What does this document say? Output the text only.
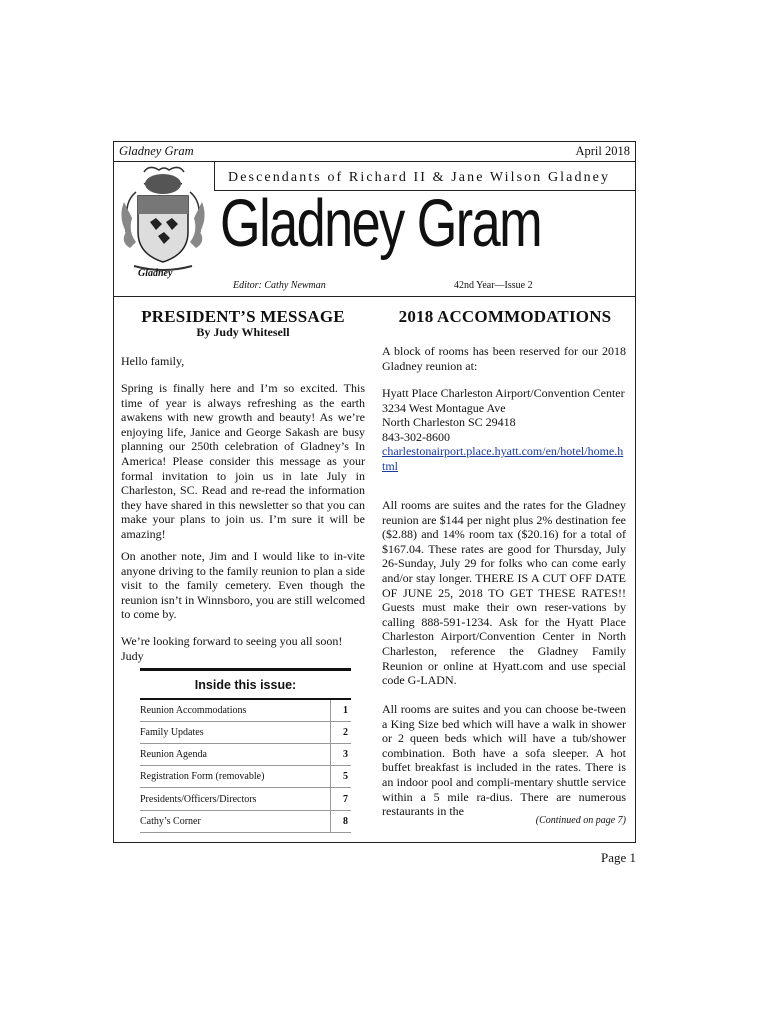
Gladney Gram	April 2018
Descendants of Richard II & Jane Wilson Gladney
Gladney
Gladney Gram
Editor: Cathy Newman	42nd Year—Issue 2
PRESIDENT’S MESSAGE
By Judy Whitesell
Hello family,
Spring is finally here and I’m so excited. This time of year is always refreshing as the earth awakens with new growth and beauty! As we’re enjoying life, Janice and George Sakash are busy planning our 250th celebration of Gladney’s In America! Please consider this message as your formal invitation to join us in late July in Charleston, SC. Read and re-read the information they have shared in this newsletter so that you can make your plans to join us. I’m sure it will be amazing!
On another note, Jim and I would like to in-vite anyone driving to the family reunion to plan a side visit to the family cemetery. Even though the reunion isn’t in Winnsboro, you are still welcomed to come by.

We’re looking forward to seeing you all soon!

Judy

Inside this issue:
Reunion Accommodations	1
Family Updates	2
Reunion Agenda	3
Registration Form (removable)	5
Presidents/Officers/Directors	7
Cathy’s Corner	8
2018 ACCOMMODATIONS
A block of rooms has been reserved for our 2018 Gladney reunion at:

Hyatt Place Charleston Airport/Convention Center

3234 West Montague Ave

North Charleston SC 29418

843-302-8600

charlestonairport.place.hyatt.com/en/hotel/home.html

All rooms are suites and the rates for the Gladney reunion are $144 per night plus 2% destination fee ($2.88) and 14% room tax ($20.16) for a total of $167.04. These rates are good for Thursday, July 26-Sunday, July 29 for folks who can come early and/or stay longer. THERE IS A CUT OFF DATE OF JUNE 25, 2018 TO GET THESE RATES!! Guests must make their own reser-vations by calling 888-591-1234. Ask for the Hyatt Place Charleston Airport/Convention Center in North Charleston, reference the Gladney Family Reunion or online at Hyatt.com and use special code G-LADN.
All rooms are suites and you can choose be-tween a King Size bed which will have a walk in shower or 2 queen beds which will have a tub/shower combination. Both have a sofa sleeper. A hot buffet breakfast is included in the rates. There is an indoor pool and compli-mentary shuttle service within a 5 mile ra-dius. There are numerous restaurants in the
(Continued on page 7)
Page 1
